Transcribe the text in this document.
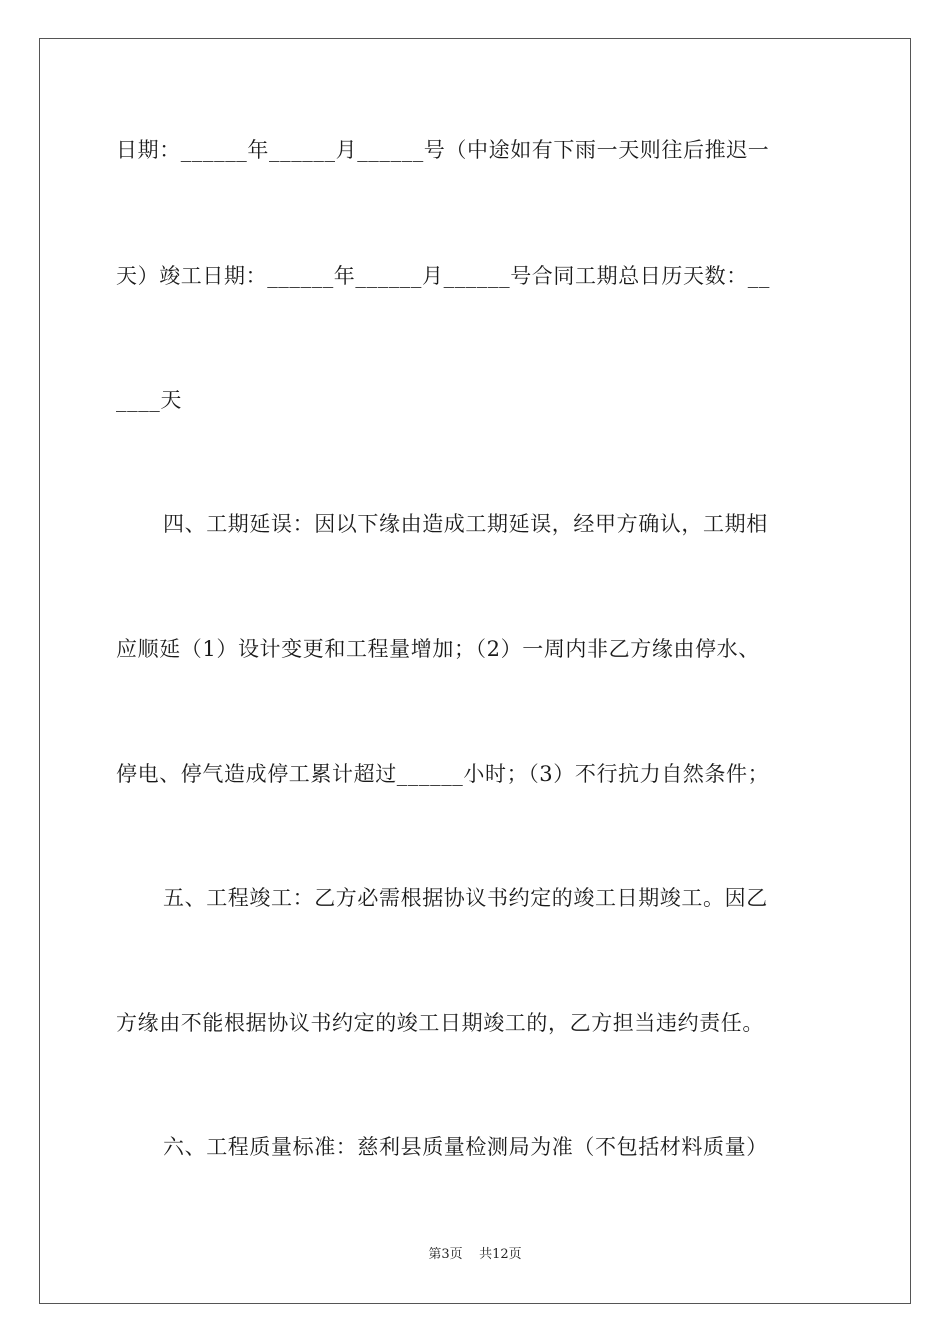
日期：______年______月______号（中途如有下雨一天则往后推迟一
天）竣工日期：______年______月______号合同工期总日历天数：__
____天
四、工期延误：因以下缘由造成工期延误，经甲方确认，工期相
应顺延（1）设计变更和工程量增加；（2）一周内非乙方缘由停水、
停电、停气造成停工累计超过______小时；（3）不行抗力自然条件；
五、工程竣工：乙方必需根据协议书约定的竣工日期竣工。因乙
方缘由不能根据协议书约定的竣工日期竣工的，乙方担当违约责任。
六、工程质量标准：慈利县质量检测局为准（不包括材料质量）
第3页 共12页
